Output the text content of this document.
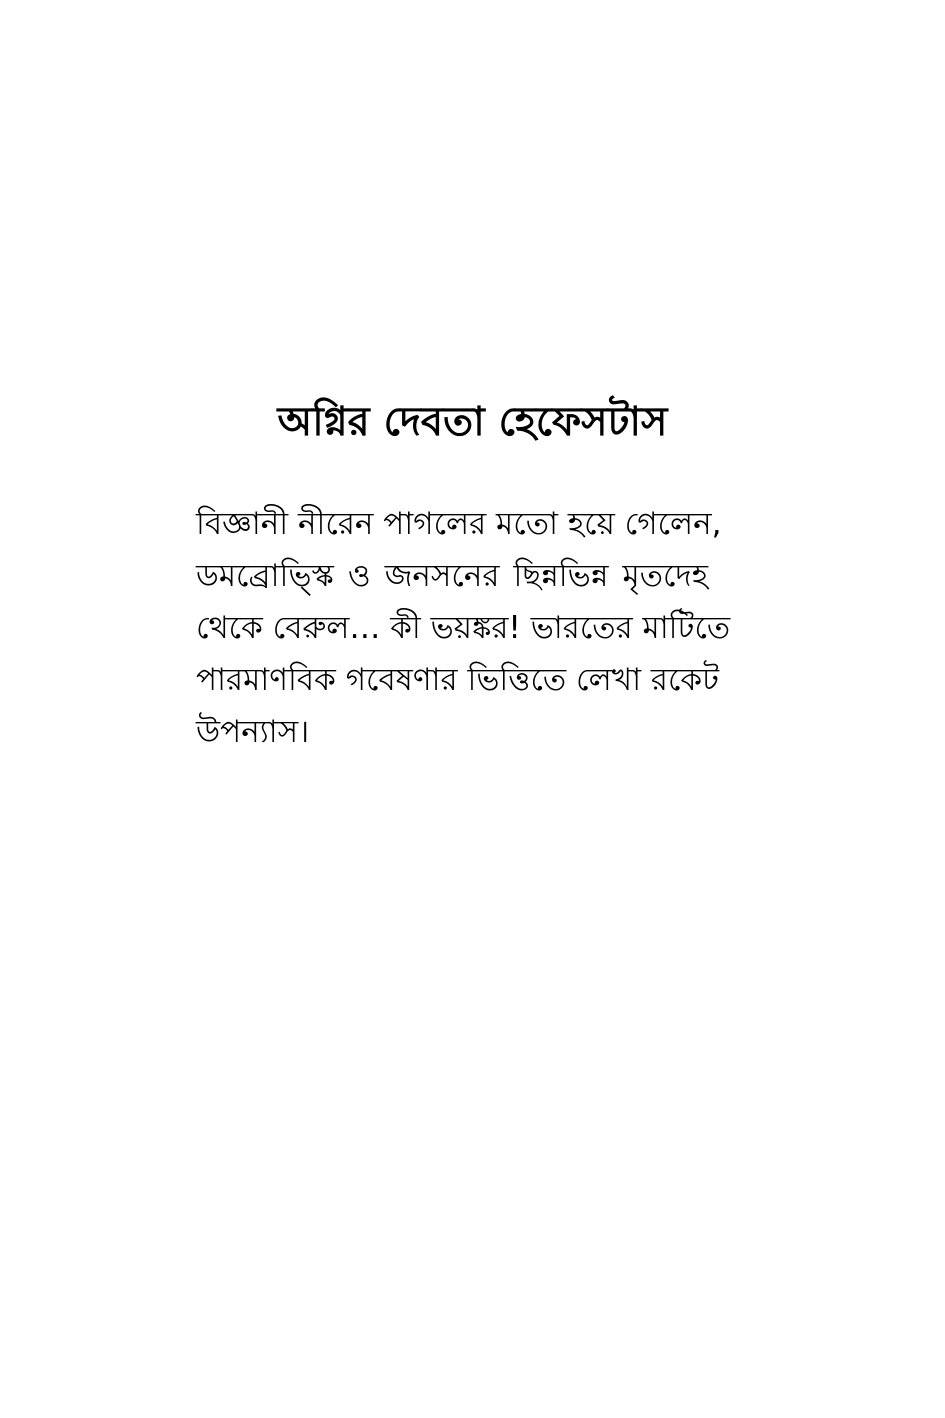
অগ্নির দেবতা হেফেসটাস
বিজ্ঞানী নীরেন পাগলের মতো হয়ে গেলেন,
ডমব্রোভ্স্কি ও জনসনের ছিন্নভিন্ন মৃতদেহ
থেকে বেরুল… কী ভয়ঙ্কর! ভারতের মাটিতে
পারমাণবিক গবেষণার ভিত্তিতে লেখা রকেট
উপন্যাস।
